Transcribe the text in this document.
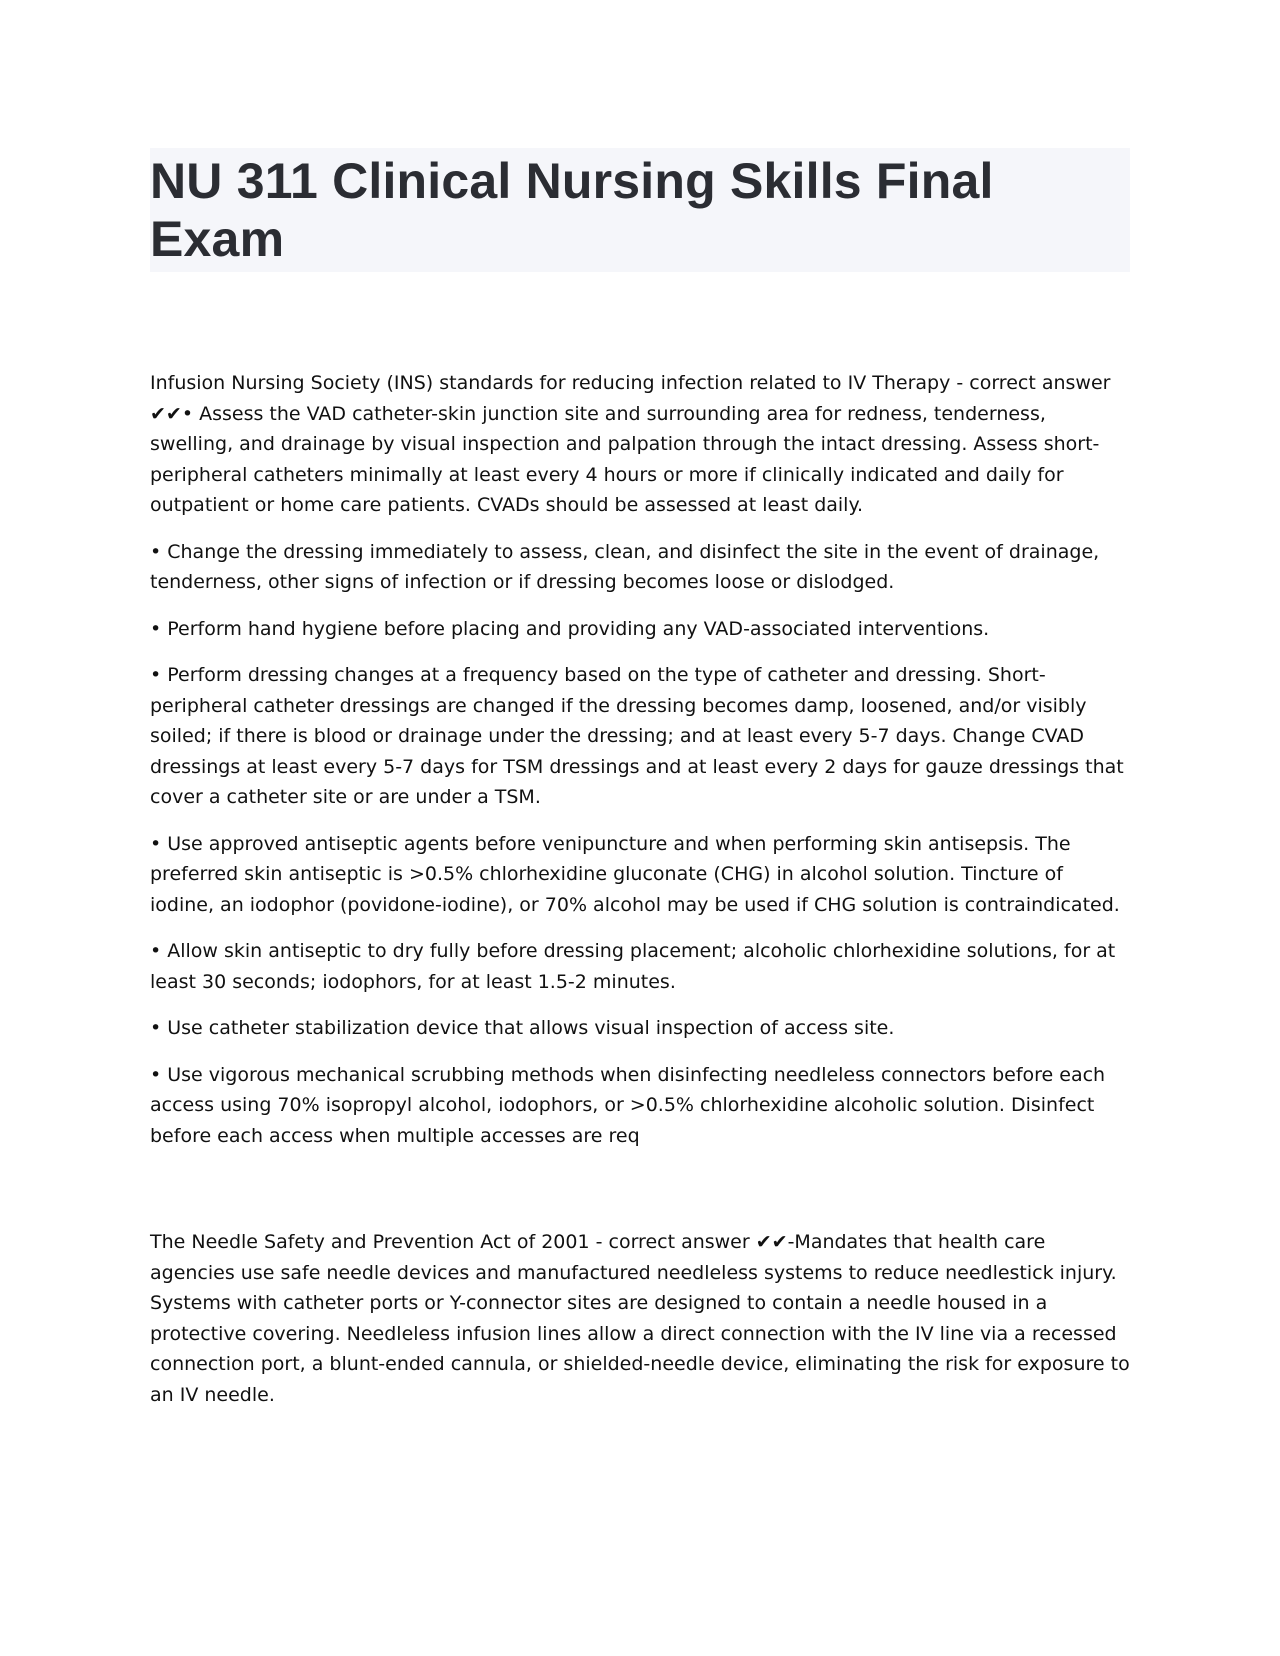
NU 311 Clinical Nursing Skills Final Exam

Infusion Nursing Society (INS) standards for reducing infection related to IV Therapy - correct answer ✔✔• Assess the VAD catheter-skin junction site and surrounding area for redness, tenderness, swelling, and drainage by visual inspection and palpation through the intact dressing. Assess short-peripheral catheters minimally at least every 4 hours or more if clinically indicated and daily for outpatient or home care patients. CVADs should be assessed at least daily.

• Change the dressing immediately to assess, clean, and disinfect the site in the event of drainage, tenderness, other signs of infection or if dressing becomes loose or dislodged.

• Perform hand hygiene before placing and providing any VAD-associated interventions.

• Perform dressing changes at a frequency based on the type of catheter and dressing. Short-peripheral catheter dressings are changed if the dressing becomes damp, loosened, and/or visibly soiled; if there is blood or drainage under the dressing; and at least every 5-7 days. Change CVAD dressings at least every 5-7 days for TSM dressings and at least every 2 days for gauze dressings that cover a catheter site or are under a TSM.

• Use approved antiseptic agents before venipuncture and when performing skin antisepsis. The preferred skin antiseptic is >0.5% chlorhexidine gluconate (CHG) in alcohol solution. Tincture of iodine, an iodophor (povidone-iodine), or 70% alcohol may be used if CHG solution is contraindicated.

• Allow skin antiseptic to dry fully before dressing placement; alcoholic chlorhexidine solutions, for at least 30 seconds; iodophors, for at least 1.5-2 minutes.

• Use catheter stabilization device that allows visual inspection of access site.

• Use vigorous mechanical scrubbing methods when disinfecting needleless connectors before each access using 70% isopropyl alcohol, iodophors, or >0.5% chlorhexidine alcoholic solution. Disinfect before each access when multiple accesses are req

The Needle Safety and Prevention Act of 2001 - correct answer ✔✔-Mandates that health care agencies use safe needle devices and manufactured needleless systems to reduce needlestick injury. Systems with catheter ports or Y-connector sites are designed to contain a needle housed in a protective covering. Needleless infusion lines allow a direct connection with the IV line via a recessed connection port, a blunt-ended cannula, or shielded-needle device, eliminating the risk for exposure to an IV needle.
